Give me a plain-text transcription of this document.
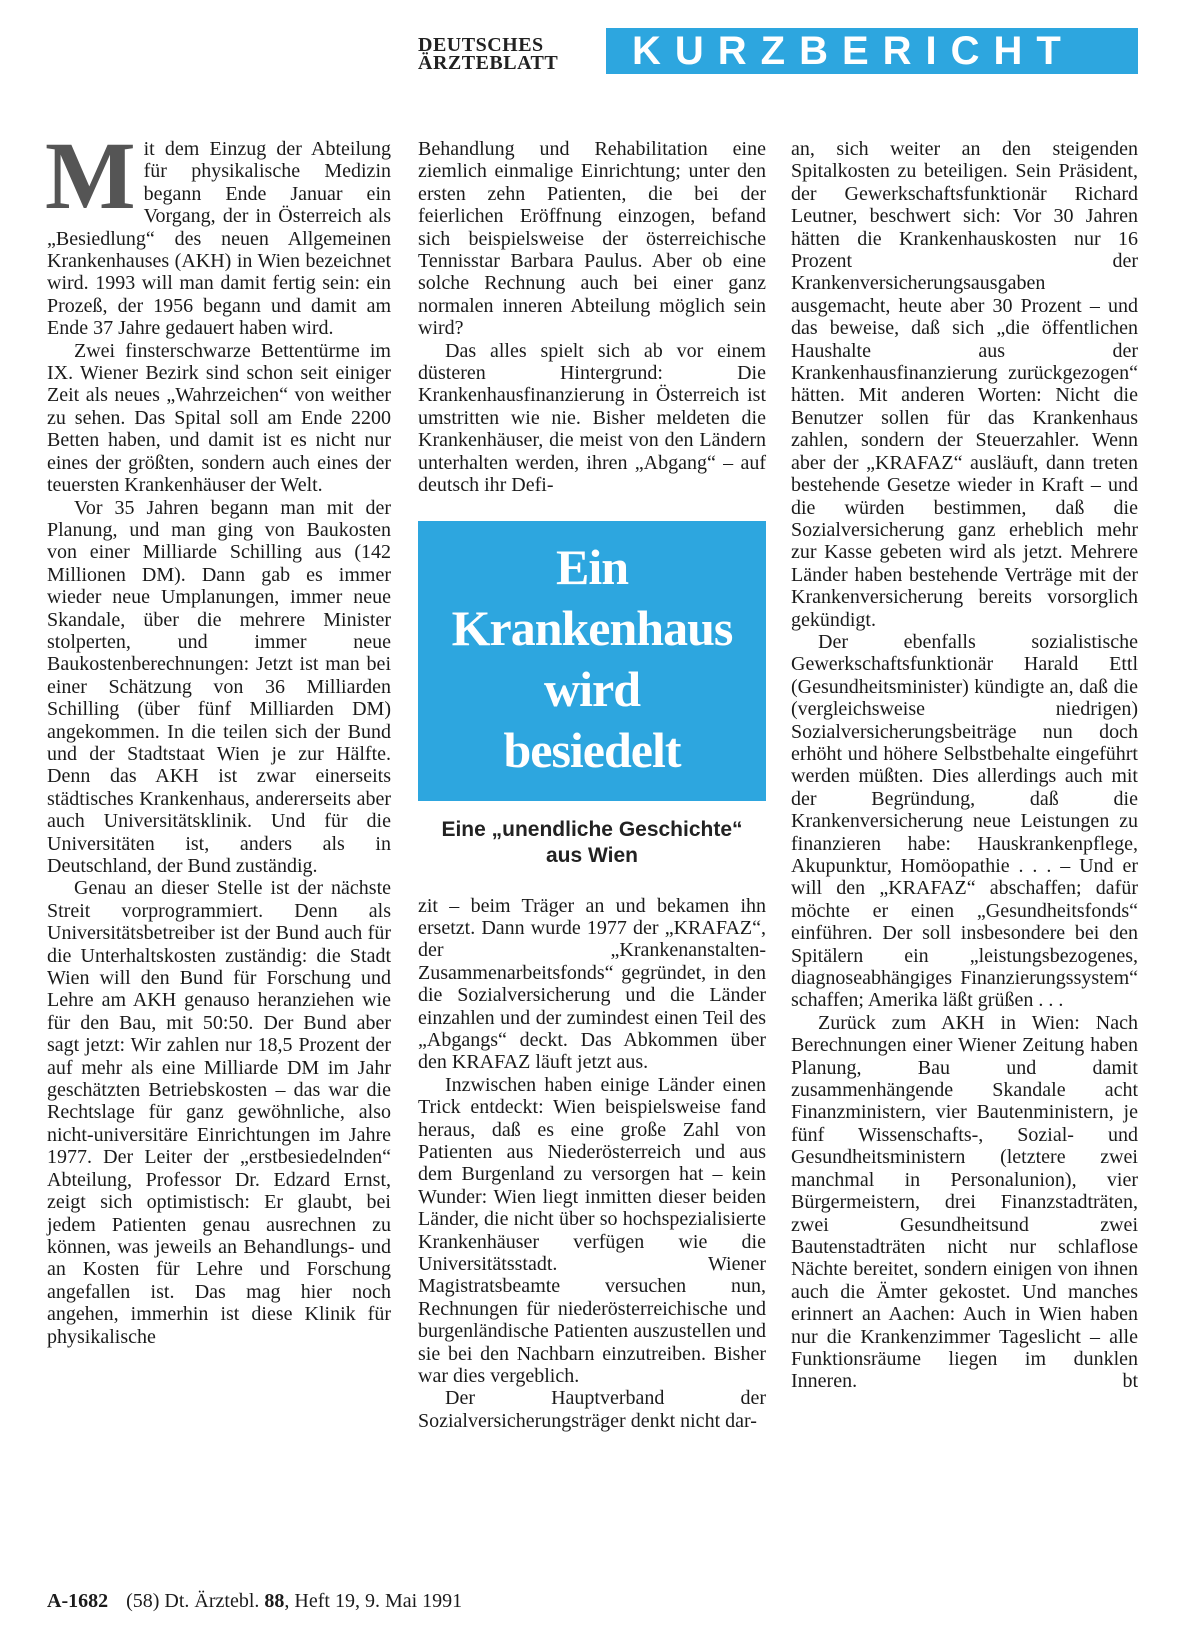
DEUTSCHES
ÄRZTEBLATT	KURZBERICHT

Mit dem Einzug der Abteilung für physikalische Medizin begann Ende Januar ein Vorgang, der in Österreich als „Besiedlung“ des neuen Allgemeinen Krankenhauses (AKH) in Wien bezeichnet wird. 1993 will man damit fertig sein: ein Prozeß, der 1956 begann und damit am Ende 37 Jahre gedauert haben wird.

Zwei finsterschwarze Bettentürme im IX. Wiener Bezirk sind schon seit einiger Zeit als neues „Wahrzeichen“ von weither zu sehen. Das Spital soll am Ende 2200 Betten haben, und damit ist es nicht nur eines der größten, sondern auch eines der teuersten Krankenhäuser der Welt.

Vor 35 Jahren begann man mit der Planung, und man ging von Baukosten von einer Milliarde Schilling aus (142 Millionen DM). Dann gab es immer wieder neue Umplanungen, immer neue Skandale, über die mehrere Minister stolperten, und immer neue Baukostenberechnungen: Jetzt ist man bei einer Schätzung von 36 Milliarden Schilling (über fünf Milliarden DM) angekommen. In die teilen sich der Bund und der Stadtstaat Wien je zur Hälfte. Denn das AKH ist zwar einerseits städtisches Krankenhaus, andererseits aber auch Universitätsklinik. Und für die Universitäten ist, anders als in Deutschland, der Bund zuständig.

Genau an dieser Stelle ist der nächste Streit vorprogrammiert. Denn als Universitätsbetreiber ist der Bund auch für die Unterhaltskosten zuständig: die Stadt Wien will den Bund für Forschung und Lehre am AKH genauso heranziehen wie für den Bau, mit 50:50. Der Bund aber sagt jetzt: Wir zahlen nur 18,5 Prozent der auf mehr als eine Milliarde DM im Jahr geschätzten Betriebskosten – das war die Rechtslage für ganz gewöhnliche, also nicht-universitäre Einrichtungen im Jahre 1977. Der Leiter der „erstbesiedelnden“ Abteilung, Professor Dr. Edzard Ernst, zeigt sich optimistisch: Er glaubt, bei jedem Patienten genau ausrechnen zu können, was jeweils an Behandlungs- und an Kosten für Lehre und Forschung angefallen ist. Das mag hier noch angehen, immerhin ist diese Klinik für physikalische

Behandlung und Rehabilitation eine ziemlich einmalige Einrichtung; unter den ersten zehn Patienten, die bei der feierlichen Eröffnung einzogen, befand sich beispielsweise der österreichische Tennisstar Barbara Paulus. Aber ob eine solche Rechnung auch bei einer ganz normalen inneren Abteilung möglich sein wird?

Das alles spielt sich ab vor einem düsteren Hintergrund: Die Krankenhausfinanzierung in Österreich ist umstritten wie nie. Bisher meldeten die Krankenhäuser, die meist von den Ländern unterhalten werden, ihren „Abgang“ – auf deutsch ihr Defi-

Ein
Krankenhaus
wird
besiedelt
Eine „unendliche Geschichte“
aus Wien

zit – beim Träger an und bekamen ihn ersetzt. Dann wurde 1977 der „KRAFAZ“, der „Krankenanstalten-Zusammenarbeitsfonds“ gegründet, in den die Sozialversicherung und die Länder einzahlen und der zumindest einen Teil des „Abgangs“ deckt. Das Abkommen über den KRAFAZ läuft jetzt aus.

Inzwischen haben einige Länder einen Trick entdeckt: Wien beispielsweise fand heraus, daß es eine große Zahl von Patienten aus Niederösterreich und aus dem Burgenland zu versorgen hat – kein Wunder: Wien liegt inmitten dieser beiden Länder, die nicht über so hochspezialisierte Krankenhäuser verfügen wie die Universitätsstadt. Wiener Magistratsbeamte versuchen nun, Rechnungen für niederösterreichische und burgenländische Patienten auszustellen und sie bei den Nachbarn einzutreiben. Bisher war dies vergeblich.

Der Hauptverband der Sozialversicherungsträger denkt nicht dar-

an, sich weiter an den steigenden Spitalkosten zu beteiligen. Sein Präsident, der Gewerkschaftsfunktionär Richard Leutner, beschwert sich: Vor 30 Jahren hätten die Krankenhauskosten nur 16 Prozent der Krankenversicherungsausgaben ausgemacht, heute aber 30 Prozent – und das beweise, daß sich „die öffentlichen Haushalte aus der Krankenhausfinanzierung zurückgezogen“ hätten. Mit anderen Worten: Nicht die Benutzer sollen für das Krankenhaus zahlen, sondern der Steuerzahler. Wenn aber der „KRAFAZ“ ausläuft, dann treten bestehende Gesetze wieder in Kraft – und die würden bestimmen, daß die Sozialversicherung ganz erheblich mehr zur Kasse gebeten wird als jetzt. Mehrere Länder haben bestehende Verträge mit der Krankenversicherung bereits vorsorglich gekündigt.

Der ebenfalls sozialistische Gewerkschaftsfunktionär Harald Ettl (Gesundheitsminister) kündigte an, daß die (vergleichsweise niedrigen) Sozialversicherungsbeiträge nun doch erhöht und höhere Selbstbehalte eingeführt werden müßten. Dies allerdings auch mit der Begründung, daß die Krankenversicherung neue Leistungen zu finanzieren habe: Hauskrankenpflege, Akupunktur, Homöopathie . . . – Und er will den „KRAFAZ“ abschaffen; dafür möchte er einen „Gesundheitsfonds“ einführen. Der soll insbesondere bei den Spitälern ein „leistungsbezogenes, diagnoseabhängiges Finanzierungssystem“ schaffen; Amerika läßt grüßen . . .

Zurück zum AKH in Wien: Nach Berechnungen einer Wiener Zeitung haben Planung, Bau und damit zusammenhängende Skandale acht Finanzministern, vier Bautenministern, je fünf Wissenschafts-, Sozial- und Gesundheitsministern (letztere zwei manchmal in Personalunion), vier Bürgermeistern, drei Finanzstadträten, zwei Gesundheitsund zwei Bautenstadträten nicht nur schlaflose Nächte bereitet, sondern einigen von ihnen auch die Ämter gekostet. Und manches erinnert an Aachen: Auch in Wien haben nur die Krankenzimmer Tageslicht – alle Funktionsräume liegen im dunklen Inneren.	bt

A-1682 (58) Dt. Ärztebl. 88, Heft 19, 9. Mai 1991
